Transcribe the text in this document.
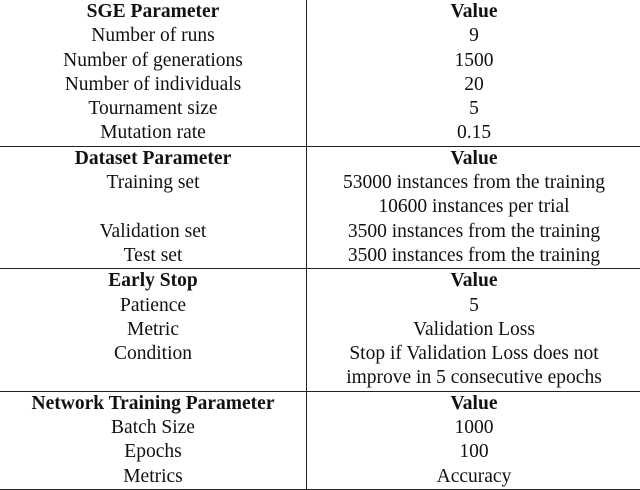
SGE Parameter	Value
Number of runs	9
Number of generations	1500
Number of individuals	20
Tournament size	5
Mutation rate	0.15
Dataset Parameter	Value
Training set	53000 instances from the training
	10600 instances per trial
Validation set	3500 instances from the training
Test set	3500 instances from the training
Early Stop	Value
Patience	5
Metric	Validation Loss
Condition	Stop if Validation Loss does not
	improve in 5 consecutive epochs
Network Training Parameter	Value
Batch Size	1000
Epochs	100
Metrics	Accuracy
